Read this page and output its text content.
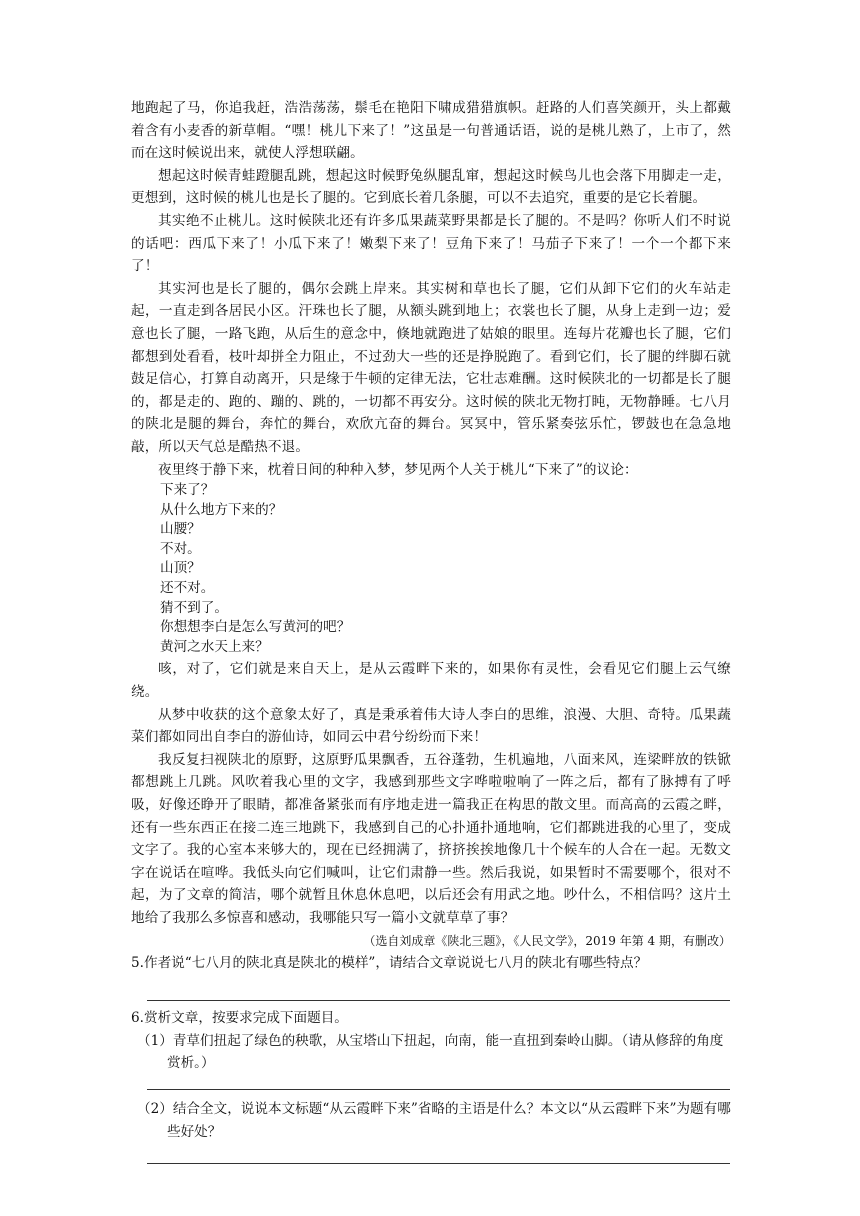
地跑起了马，你追我赶，浩浩荡荡，鬃毛在艳阳下啸成猎猎旗帜。赶路的人们喜笑颜开，头上都戴着含有小麦香的新草帽。“嘿！桃儿下来了！”这虽是一句普通话语，说的是桃儿熟了，上市了，然而在这时候说出来，就使人浮想联翩。

想起这时候青蛙蹬腿乱跳，想起这时候野兔纵腿乱窜，想起这时候鸟儿也会落下用脚走一走，更想到，这时候的桃儿也是长了腿的。它到底长着几条腿，可以不去追究，重要的是它长着腿。

其实绝不止桃儿。这时候陕北还有许多瓜果蔬菜野果都是长了腿的。不是吗？你听人们不时说的话吧：西瓜下来了！小瓜下来了！嫩梨下来了！豆角下来了！马茄子下来了！一个一个都下来了！

其实河也是长了腿的，偶尔会跳上岸来。其实树和草也长了腿，它们从卸下它们的火车站走起，一直走到各居民小区。汗珠也长了腿，从额头跳到地上；衣裳也长了腿，从身上走到一边；爱意也长了腿，一路飞跑，从后生的意念中，倏地就跑进了姑娘的眼里。连每片花瓣也长了腿，它们都想到处看看，枝叶却拼全力阻止，不过劲大一些的还是挣脱跑了。看到它们，长了腿的绊脚石就鼓足信心，打算自动离开，只是缘于牛顿的定律无法，它壮志难酬。这时候陕北的一切都是长了腿的，都是走的、跑的、蹦的、跳的，一切都不再安分。这时候的陕北无物打盹，无物静睡。七八月的陕北是腿的舞台，奔忙的舞台，欢欣亢奋的舞台。冥冥中，管乐紧奏弦乐忙，锣鼓也在急急地敲，所以天气总是酷热不退。

夜里终于静下来，枕着日间的种种入梦，梦见两个人关于桃儿“下来了”的议论：

下来了？

从什么地方下来的？

山腰？

不对。

山顶？

还不对。

猜不到了。

你想想李白是怎么写黄河的吧？

黄河之水天上来？

咳，对了，它们就是来自天上，是从云霞畔下来的，如果你有灵性，会看见它们腿上云气缭绕。

从梦中收获的这个意象太好了，真是秉承着伟大诗人李白的思维，浪漫、大胆、奇特。瓜果蔬菜们都如同出自李白的游仙诗，如同云中君兮纷纷而下来！

我反复扫视陕北的原野，这原野瓜果飘香，五谷蓬勃，生机遍地，八面来风，连梁畔放的铁锨都想跳上几跳。风吹着我心里的文字，我感到那些文字哗啦啦响了一阵之后，都有了脉搏有了呼吸，好像还睁开了眼睛，都准备紧张而有序地走进一篇我正在构思的散文里。而高高的云霞之畔，还有一些东西正在接二连三地跳下，我感到自己的心扑通扑通地响，它们都跳进我的心里了，变成文字了。我的心室本来够大的，现在已经拥满了，挤挤挨挨地像几十个候车的人合在一起。无数文字在说话在喧哗。我低头向它们喊叫，让它们肃静一些。然后我说，如果暂时不需要哪个，很对不起，为了文章的简洁，哪个就暂且休息休息吧，以后还会有用武之地。吵什么，不相信吗？这片土地给了我那么多惊喜和感动，我哪能只写一篇小文就草草了事？

（选自刘成章《陕北三题》，《人民文学》，2019 年第 4 期，有删改）

5.作者说“七八月的陕北真是陕北的模样”，请结合文章说说七八月的陕北有哪些特点？

6.赏析文章，按要求完成下面题目。

（1）青草们扭起了绿色的秧歌，从宝塔山下扭起，向南，能一直扭到秦岭山脚。（请从修辞的角度赏析。）

（2）结合全文，说说本文标题“从云霞畔下来”省略的主语是什么？本文以“从云霞畔下来”为题有哪些好处？
